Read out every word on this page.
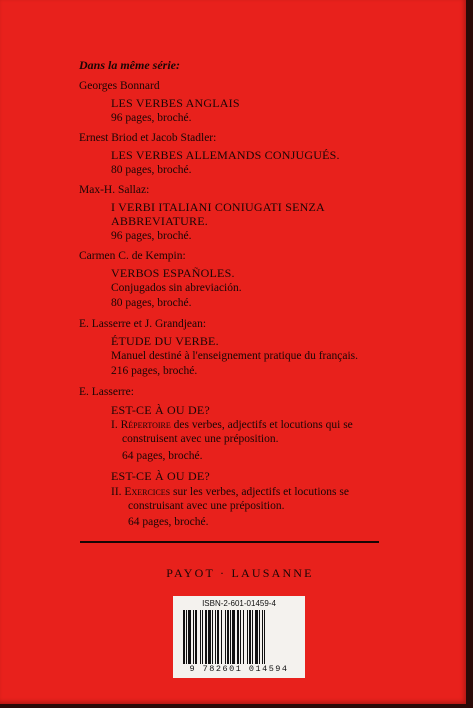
Dans la même série:
Georges Bonnard
LES VERBES ANGLAIS
96 pages, broché.
Ernest Briod et Jacob Stadler:
LES VERBES ALLEMANDS CONJUGUÉS.
80 pages, broché.
Max-H. Sallaz:
I VERBI ITALIANI CONIUGATI SENZA
ABBREVIATURE.
96 pages, broché.
Carmen C. de Kempin:
VERBOS ESPAÑOLES.
Conjugados sin abreviación.
80 pages, broché.
E. Lasserre et J. Grandjean:
ÉTUDE DU VERBE.
Manuel destiné à l'enseignement pratique du français.
216 pages, broché.
E. Lasserre:
EST-CE À OU DE?
I. Répertoire des verbes, adjectifs et locutions qui se
construisent avec une préposition.
64 pages, broché.
EST-CE À OU DE?
II. Exercices sur les verbes, adjectifs et locutions se
construisant avec une préposition.
64 pages, broché.
PAYOT · LAUSANNE
ISBN-2-601-01459-4
9 782601 014594
